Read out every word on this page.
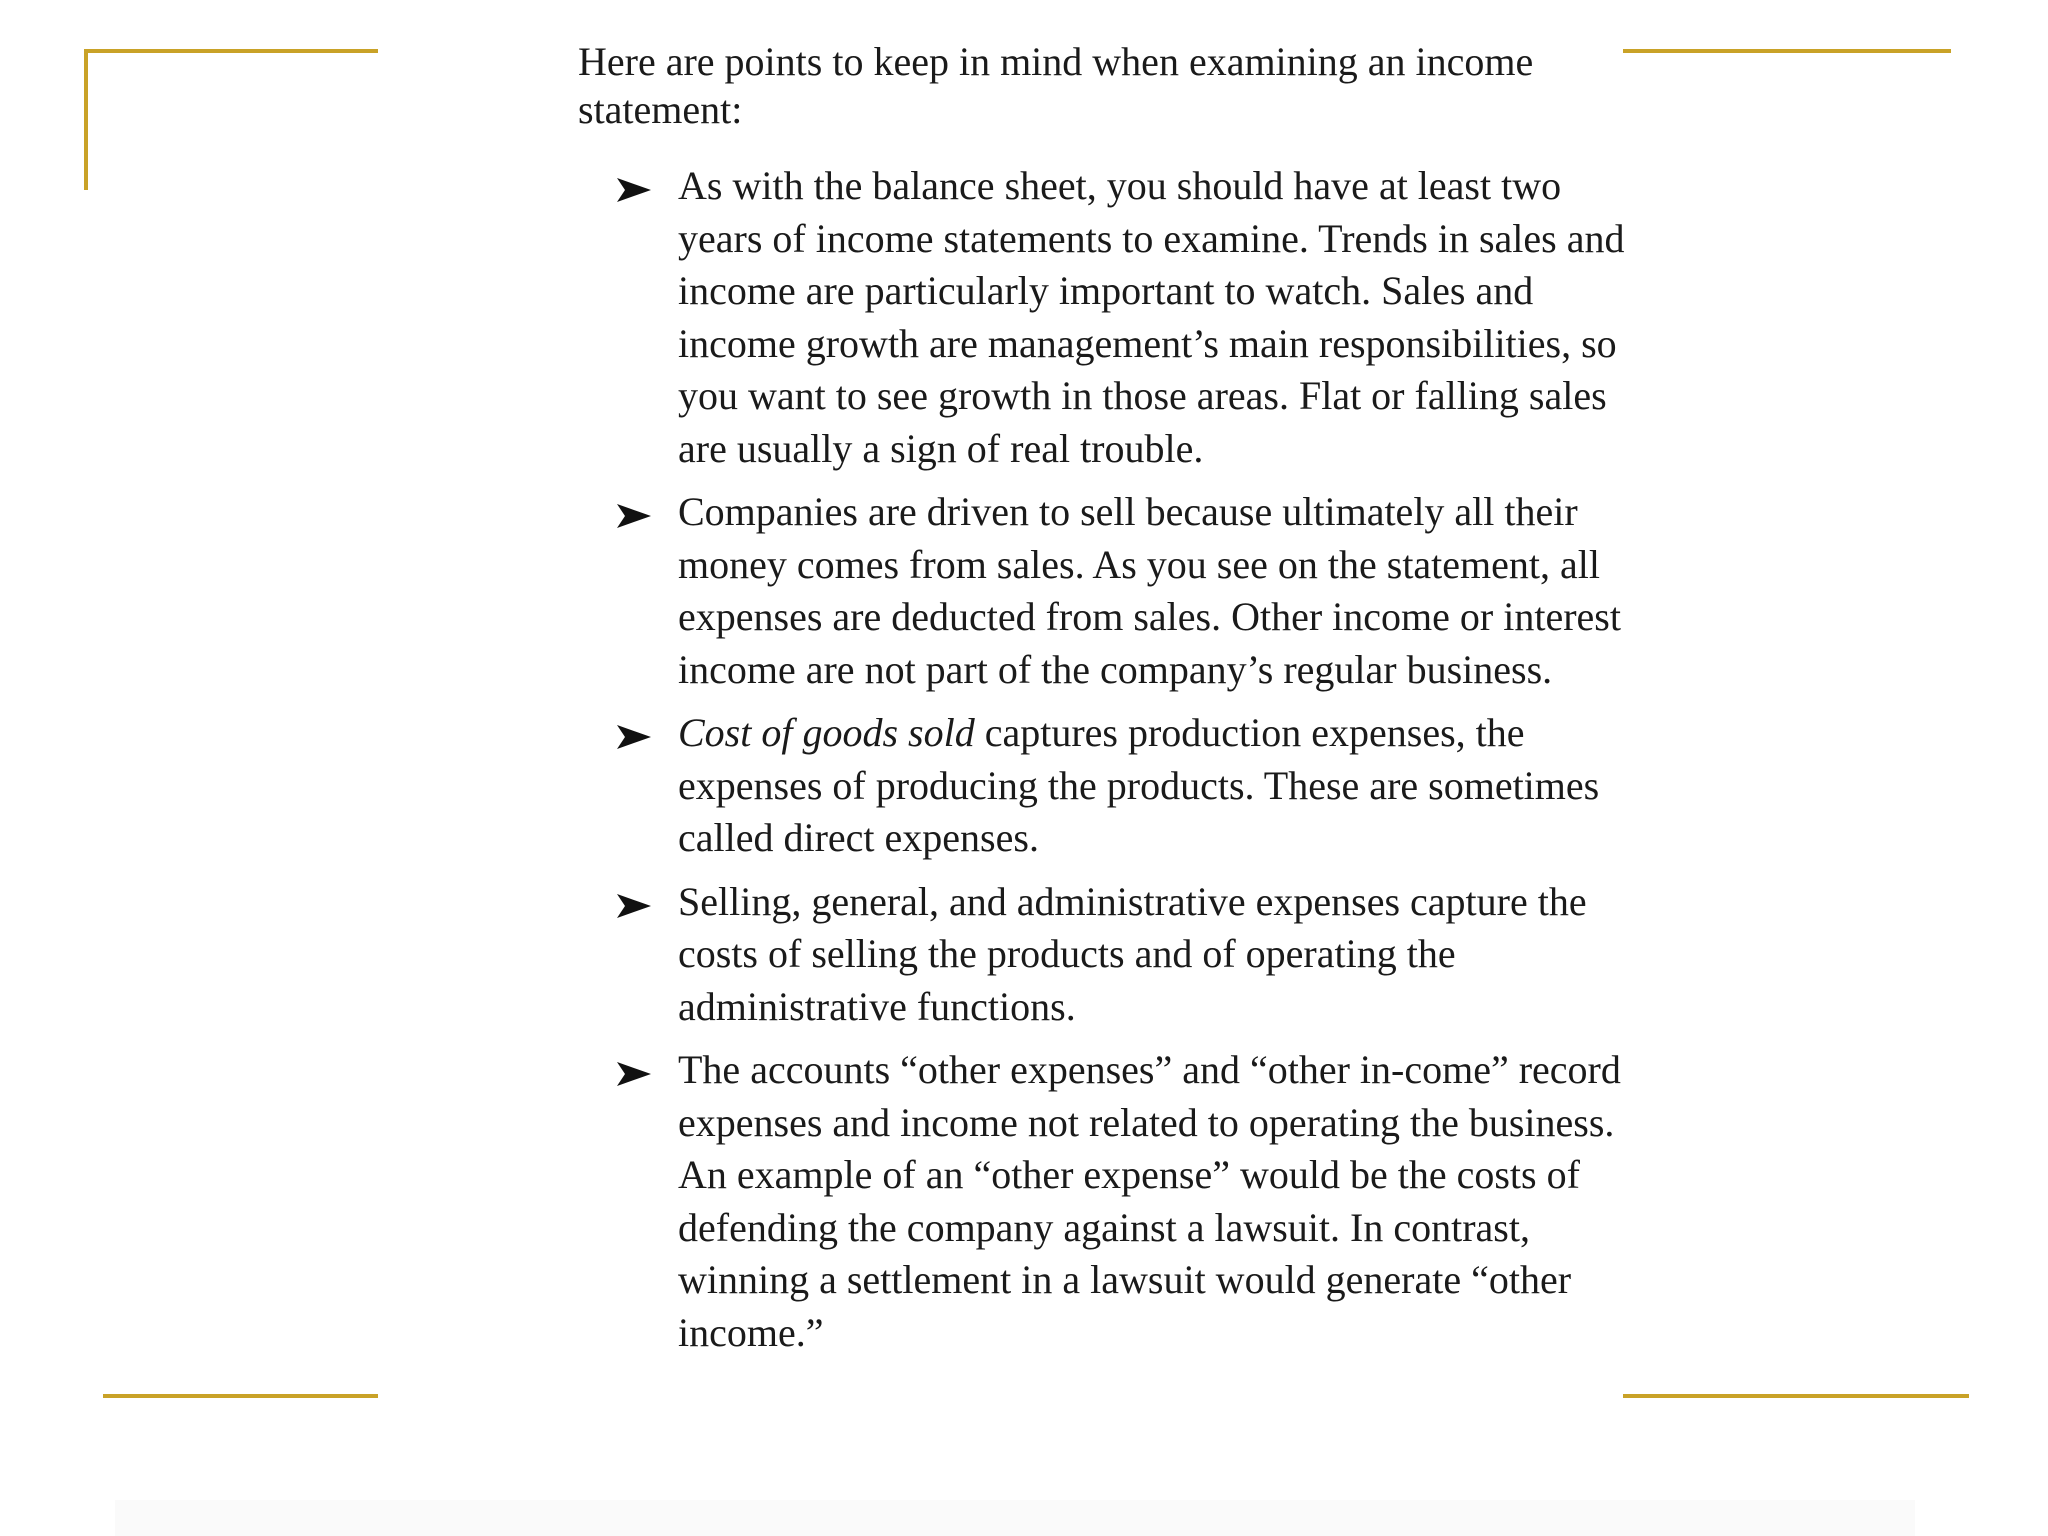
Here are points to keep in mind when examining an income statement:

As with the balance sheet, you should have at least two years of income statements to examine. Trends in sales and income are particularly important to watch. Sales and income growth are management’s main responsibilities, so you want to see growth in those areas. Flat or falling sales are usually a sign of real trouble.
Companies are driven to sell because ultimately all their money comes from sales. As you see on the statement, all expenses are deducted from sales. Other income or interest income are not part of the company’s regular business.
Cost of goods sold captures production expenses, the expenses of producing the products. These are sometimes called direct expenses.
Selling, general, and administrative expenses capture the costs of selling the products and of operating the administrative functions.
The accounts “other expenses” and “other in-come” record expenses and income not related to operating the business. An example of an “other expense” would be the costs of defending the company against a lawsuit. In contrast, winning a settlement in a lawsuit would generate “other income.”
